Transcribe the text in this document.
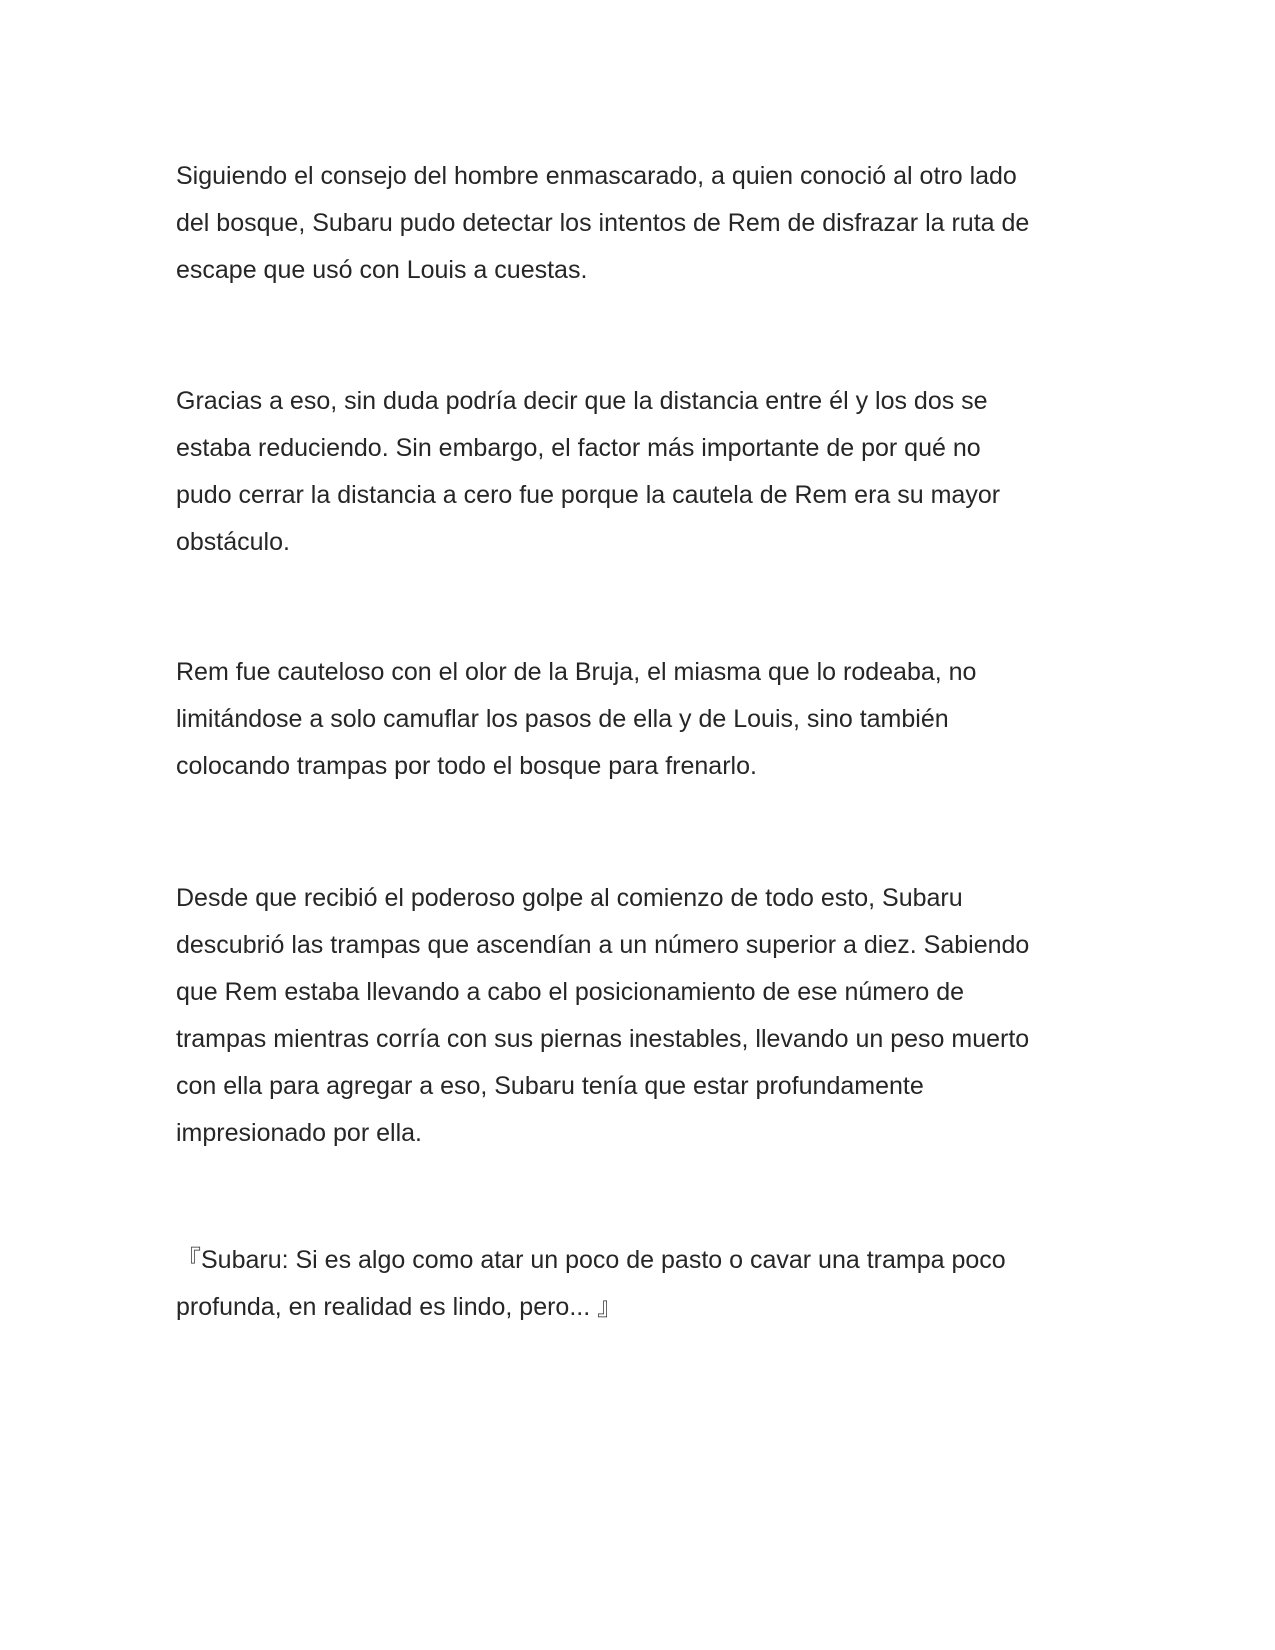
Siguiendo el consejo del hombre enmascarado, a quien conoció al otro lado
del bosque, Subaru pudo detectar los intentos de Rem de disfrazar la ruta de
escape que usó con Louis a cuestas.

Gracias a eso, sin duda podría decir que la distancia entre él y los dos se
estaba reduciendo. Sin embargo, el factor más importante de por qué no
pudo cerrar la distancia a cero fue porque la cautela de Rem era su mayor
obstáculo.

Rem fue cauteloso con el olor de la Bruja, el miasma que lo rodeaba, no
limitándose a solo camuflar los pasos de ella y de Louis, sino también
colocando trampas por todo el bosque para frenarlo.

Desde que recibió el poderoso golpe al comienzo de todo esto, Subaru
descubrió las trampas que ascendían a un número superior a diez. Sabiendo
que Rem estaba llevando a cabo el posicionamiento de ese número de
trampas mientras corría con sus piernas inestables, llevando un peso muerto
con ella para agregar a eso, Subaru tenía que estar profundamente
impresionado por ella.

『Subaru: Si es algo como atar un poco de pasto o cavar una trampa poco
profunda, en realidad es lindo, pero... 』
